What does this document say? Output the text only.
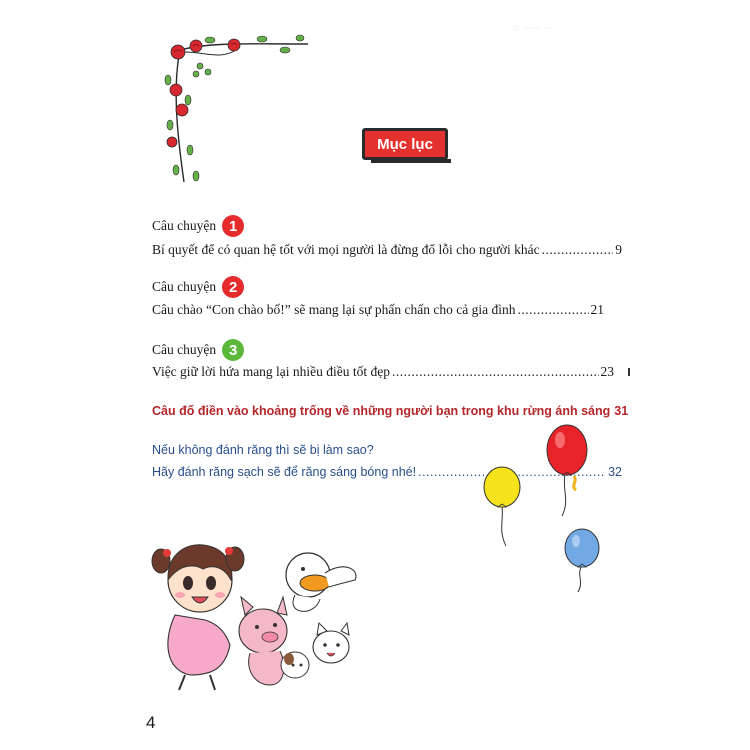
≈ ~~ ~
Mục lục
Câu chuyện 1
Bí quyết để có quan hệ tốt với mọi người là đừng đổ lỗi cho người khác .....	9
Câu chuyện 2
Câu chào “Con chào bố!” sẽ mang lại sự phấn chấn cho cả gia đình .....	21
Câu chuyện 3
Việc giữ lời hứa mang lại nhiều điều tốt đẹp .....	23
Câu đố điền vào khoảng trống về những người bạn trong khu rừng ánh sáng 31
Nếu không đánh răng thì sẽ bị làm sao?
Hãy đánh răng sạch sẽ để răng sáng bóng nhé! .....	32
4
